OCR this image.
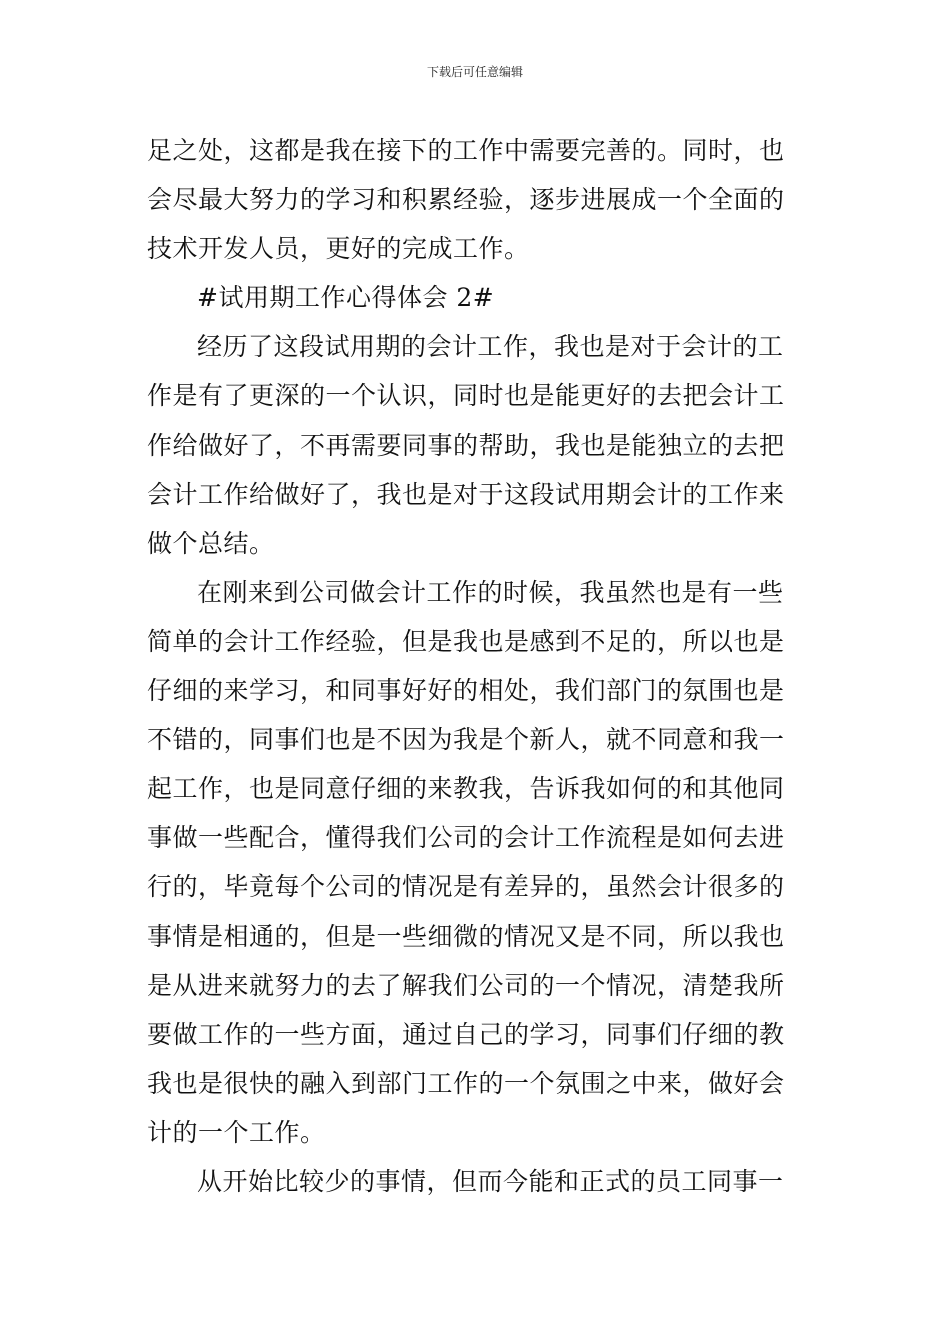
下载后可任意编辑
足之处，这都是我在接下的工作中需要完善的。同时，也
会尽最大努力的学习和积累经验，逐步进展成一个全面的
技术开发人员，更好的完成工作。
#试用期工作心得体会 2#
经历了这段试用期的会计工作，我也是对于会计的工
作是有了更深的一个认识，同时也是能更好的去把会计工
作给做好了，不再需要同事的帮助，我也是能独立的去把
会计工作给做好了，我也是对于这段试用期会计的工作来
做个总结。
在刚来到公司做会计工作的时候，我虽然也是有一些
简单的会计工作经验，但是我也是感到不足的，所以也是
仔细的来学习，和同事好好的相处，我们部门的氛围也是
不错的，同事们也是不因为我是个新人，就不同意和我一
起工作，也是同意仔细的来教我，告诉我如何的和其他同
事做一些配合，懂得我们公司的会计工作流程是如何去进
行的，毕竟每个公司的情况是有差异的，虽然会计很多的
事情是相通的，但是一些细微的情况又是不同，所以我也
是从进来就努力的去了解我们公司的一个情况，清楚我所
要做工作的一些方面，通过自己的学习，同事们仔细的教
我也是很快的融入到部门工作的一个氛围之中来，做好会
计的一个工作。
从开始比较少的事情，但而今能和正式的员工同事一
